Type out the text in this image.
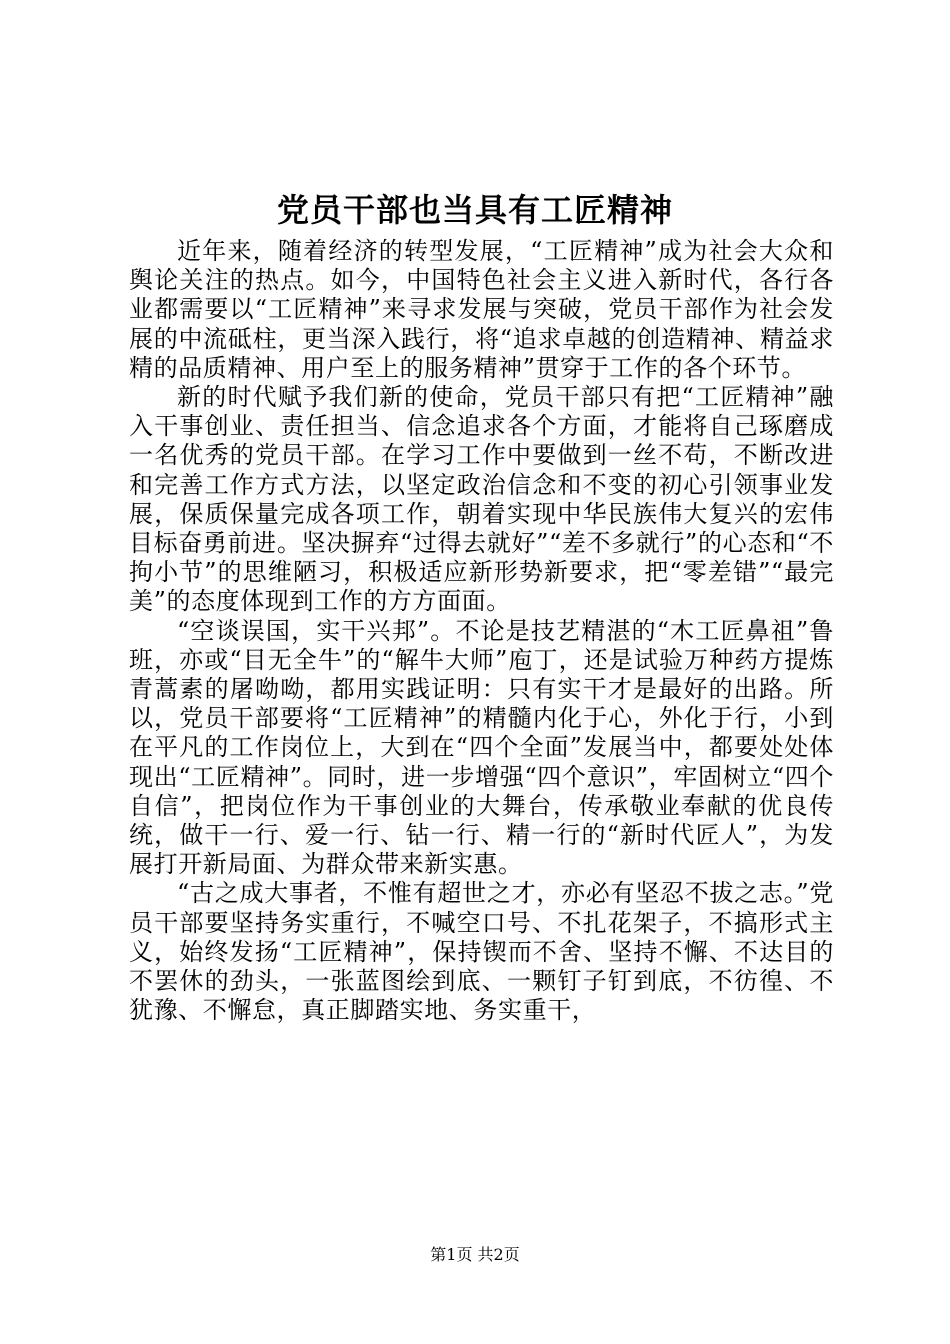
党员干部也当具有工匠精神

近年来，随着经济的转型发展，“工匠精神”成为社会大众和舆论关注的热点。如今，中国特色社会主义进入新时代，各行各业都需要以“工匠精神”来寻求发展与突破，党员干部作为社会发展的中流砥柱，更当深入践行，将“追求卓越的创造精神、精益求精的品质精神、用户至上的服务精神”贯穿于工作的各个环节。

新的时代赋予我们新的使命，党员干部只有把“工匠精神”融入干事创业、责任担当、信念追求各个方面，才能将自己琢磨成一名优秀的党员干部。在学习工作中要做到一丝不苟，不断改进和完善工作方式方法，以坚定政治信念和不变的初心引领事业发展，保质保量完成各项工作，朝着实现中华民族伟大复兴的宏伟目标奋勇前进。坚决摒弃“过得去就好”“差不多就行”的心态和“不拘小节”的思维陋习，积极适应新形势新要求，把“零差错”“最完美”的态度体现到工作的方方面面。

“空谈误国，实干兴邦”。不论是技艺精湛的“木工匠鼻祖”鲁班，亦或“目无全牛”的“解牛大师”庖丁，还是试验万种药方提炼青蒿素的屠呦呦，都用实践证明：只有实干才是最好的出路。所以，党员干部要将“工匠精神”的精髓内化于心，外化于行，小到在平凡的工作岗位上，大到在“四个全面”发展当中，都要处处体现出“工匠精神”。同时，进一步增强“四个意识”，牢固树立“四个自信”，把岗位作为干事创业的大舞台，传承敬业奉献的优良传统，做干一行、爱一行、钻一行、精一行的“新时代匠人”，为发展打开新局面、为群众带来新实惠。

“古之成大事者，不惟有超世之才，亦必有坚忍不拔之志。”党员干部要坚持务实重行，不喊空口号、不扎花架子，不搞形式主义，始终发扬“工匠精神”，保持锲而不舍、坚持不懈、不达目的不罢休的劲头，一张蓝图绘到底、一颗钉子钉到底，不彷徨、不犹豫、不懈怠，真正脚踏实地、务实重干，

第1页 共2页
